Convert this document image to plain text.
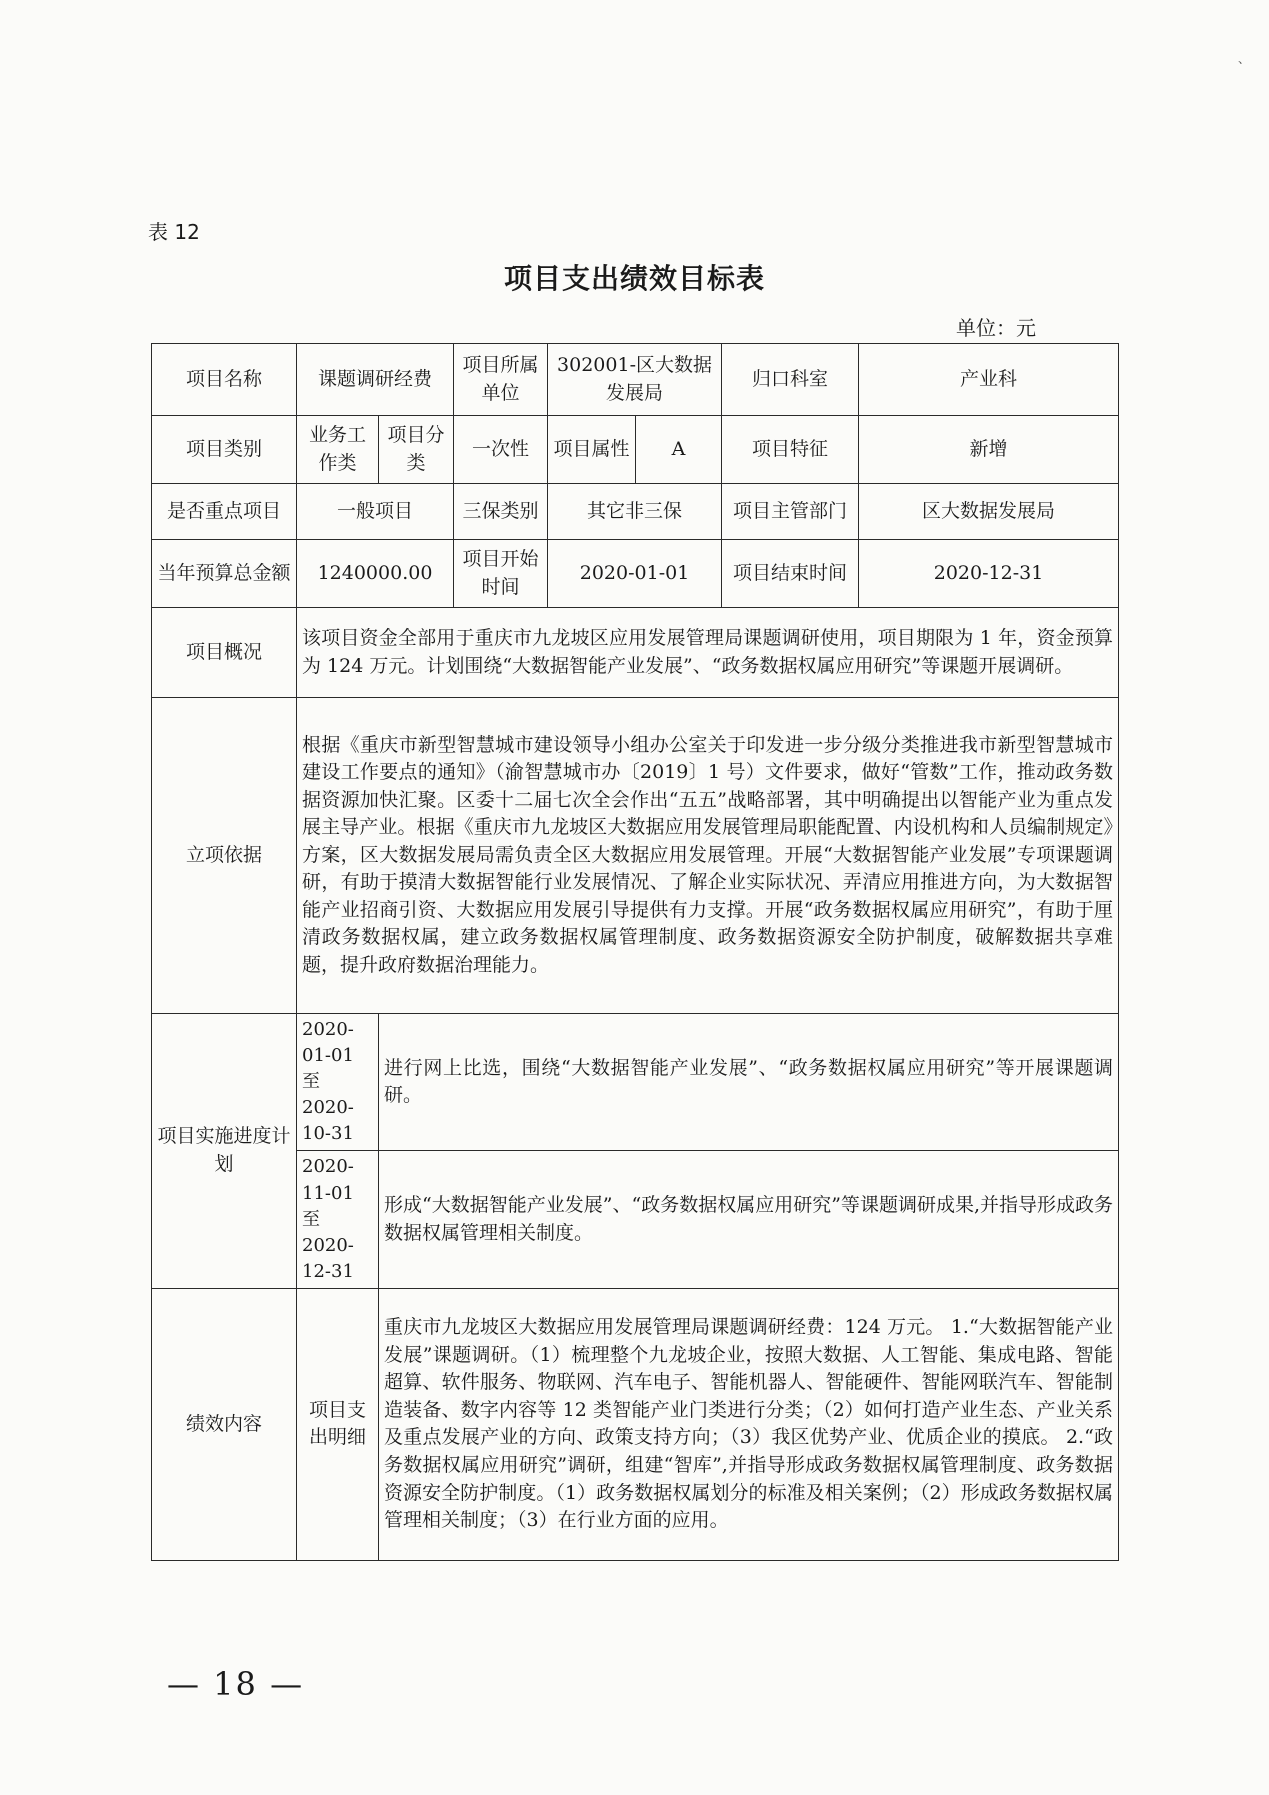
、
表 12
项目支出绩效目标表
单位：元
项目名称	课题调研经费		项目所属单位	302001-区大数据发展局		归口科室	产业科
项目类别	业务工作类	项目分类	一次性	项目属性	A	项目特征	新增
是否重点项目	一般项目		三保类别	其它非三保		项目主管部门	区大数据发展局
当年预算总金额	1240000.00		项目开始时间	2020-01-01		项目结束时间	2020-12-31
项目概况	该项目资金全部用于重庆市九龙坡区应用发展管理局课题调研使用，项目期限为 1 年，资金预算为 124 万元。计划围绕“大数据智能产业发展”、“政务数据权属应用研究”等课题开展调研。						
立项依据	根据《重庆市新型智慧城市建设领导小组办公室关于印发进一步分级分类推进我市新型智慧城市建设工作要点的通知》（渝智慧城市办〔2019〕1 号）文件要求，做好“管数”工作，推动政务数据资源加快汇聚。区委十二届七次全会作出“五五”战略部署，其中明确提出以智能产业为重点发展主导产业。根据《重庆市九龙坡区大数据应用发展管理局职能配置、内设机构和人员编制规定》方案，区大数据发展局需负责全区大数据应用发展管理。开展“大数据智能产业发展”专项课题调研，有助于摸清大数据智能行业发展情况、了解企业实际状况、弄清应用推进方向，为大数据智能产业招商引资、大数据应用发展引导提供有力支撑。开展“政务数据权属应用研究”，有助于厘清政务数据权属，建立政务数据权属管理制度、政务数据资源安全防护制度，破解数据共享难题，提升政府数据治理能力。						
项目实施进度计划	2020-01-01 至 2020-10-31	进行网上比选，围绕“大数据智能产业发展”、“政务数据权属应用研究”等开展课题调研。					
	2020-11-01 至 2020-12-31	形成“大数据智能产业发展”、“政务数据权属应用研究”等课题调研成果,并指导形成政务数据权属管理相关制度。					
绩效内容	项目支出明细	重庆市九龙坡区大数据应用发展管理局课题调研经费：124 万元。 1.“大数据智能产业发展”课题调研。（1）梳理整个九龙坡企业，按照大数据、人工智能、集成电路、智能超算、软件服务、物联网、汽车电子、智能机器人、智能硬件、智能网联汽车、智能制造装备、数字内容等 12 类智能产业门类进行分类；（2）如何打造产业生态、产业关系及重点发展产业的方向、政策支持方向；（3）我区优势产业、优质企业的摸底。 2.“政务数据权属应用研究”调研，组建“智库”,并指导形成政务数据权属管理制度、政务数据资源安全防护制度。（1）政务数据权属划分的标准及相关案例；（2）形成政务数据权属管理相关制度；（3）在行业方面的应用。					
— 18 —
